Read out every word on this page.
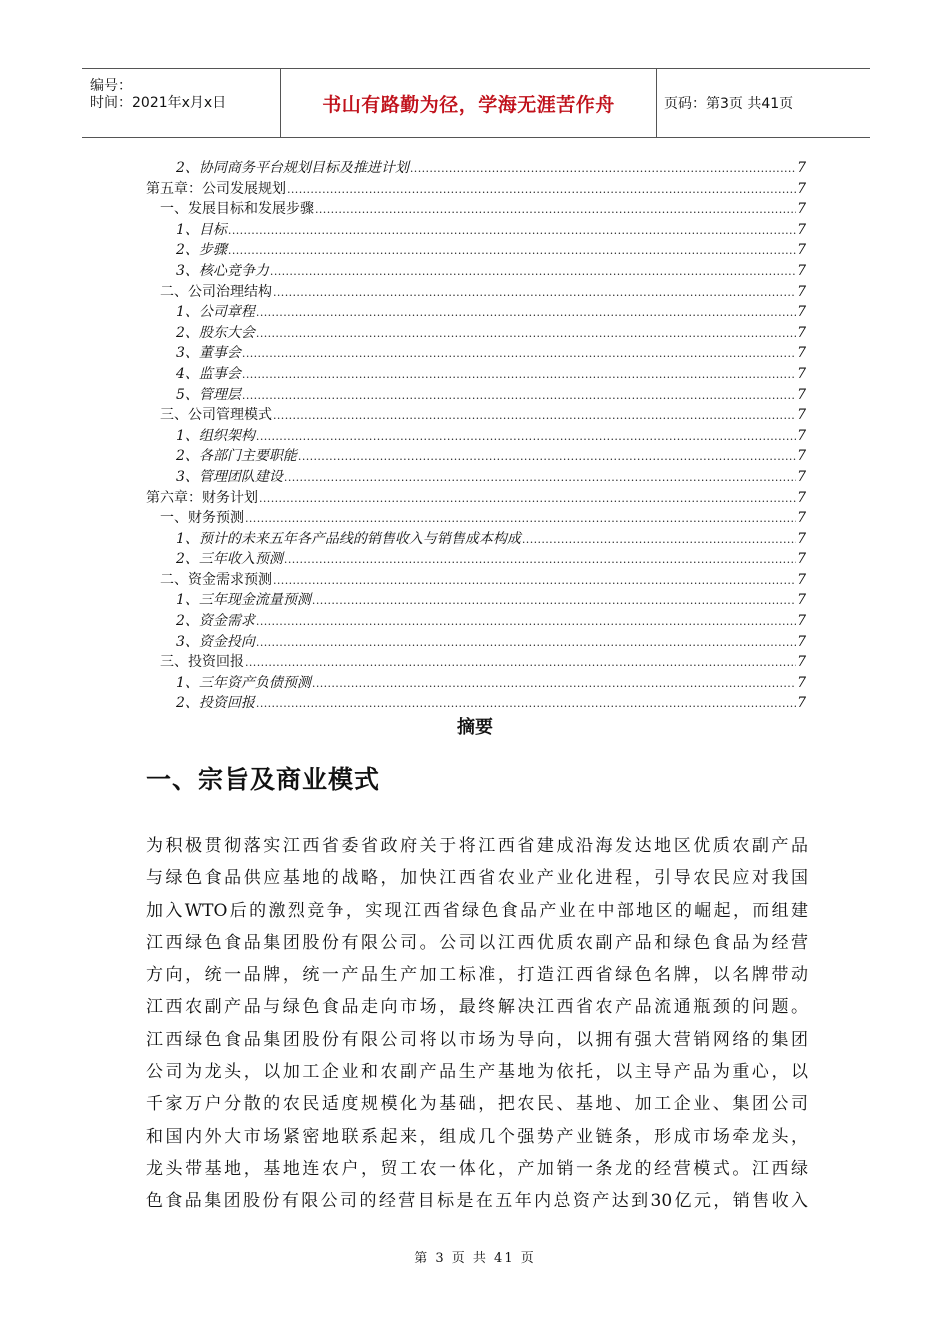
编号：
时间：2021年x月x日	书山有路勤为径，学海无涯苦作舟	页码：第3页 共41页
2、协同商务平台规划目标及推进计划 .....	7
第五章：公司发展规划 .....	7
一、发展目标和发展步骤 .....	7
1、目标 .....	7
2、步骤 .....	7
3、核心竞争力 .....	7
二、公司治理结构 .....	7
1、公司章程 .....	7
2、股东大会 .....	7
3、董事会 .....	7
4、监事会 .....	7
5、管理层 .....	7
三、公司管理模式 .....	7
1、组织架构 .....	7
2、各部门主要职能 .....	7
3、管理团队建设 .....	7
第六章：财务计划 .....	7
一、财务预测 .....	7
1、预计的未来五年各产品线的销售收入与销售成本构成 .....	7
2、三年收入预测 .....	7
二、资金需求预测 .....	7
1、三年现金流量预测 .....	7
2、资金需求 .....	7
3、资金投向 .....	7
三、投资回报 .....	7
1、三年资产负债预测 .....	7
2、投资回报 .....	7
摘要
一、宗旨及商业模式

为积极贯彻落实江西省委省政府关于将江西省建成沿海发达地区优质农副产品

与绿色食品供应基地的战略，加快江西省农业产业化进程，引导农民应对我国

加入WTO后的激烈竞争，实现江西省绿色食品产业在中部地区的崛起，而组建

江西绿色食品集团股份有限公司。公司以江西优质农副产品和绿色食品为经营

方向，统一品牌，统一产品生产加工标准，打造江西省绿色名牌，以名牌带动

江西农副产品与绿色食品走向市场，最终解决江西省农产品流通瓶颈的问题。

江西绿色食品集团股份有限公司将以市场为导向，以拥有强大营销网络的集团

公司为龙头，以加工企业和农副产品生产基地为依托，以主导产品为重心，以

千家万户分散的农民适度规模化为基础，把农民、基地、加工企业、集团公司

和国内外大市场紧密地联系起来，组成几个强势产业链条，形成市场牵龙头，

龙头带基地，基地连农户，贸工农一体化，产加销一条龙的经营模式。江西绿

色食品集团股份有限公司的经营目标是在五年内总资产达到30亿元，销售收入

第 3 页 共 41 页
